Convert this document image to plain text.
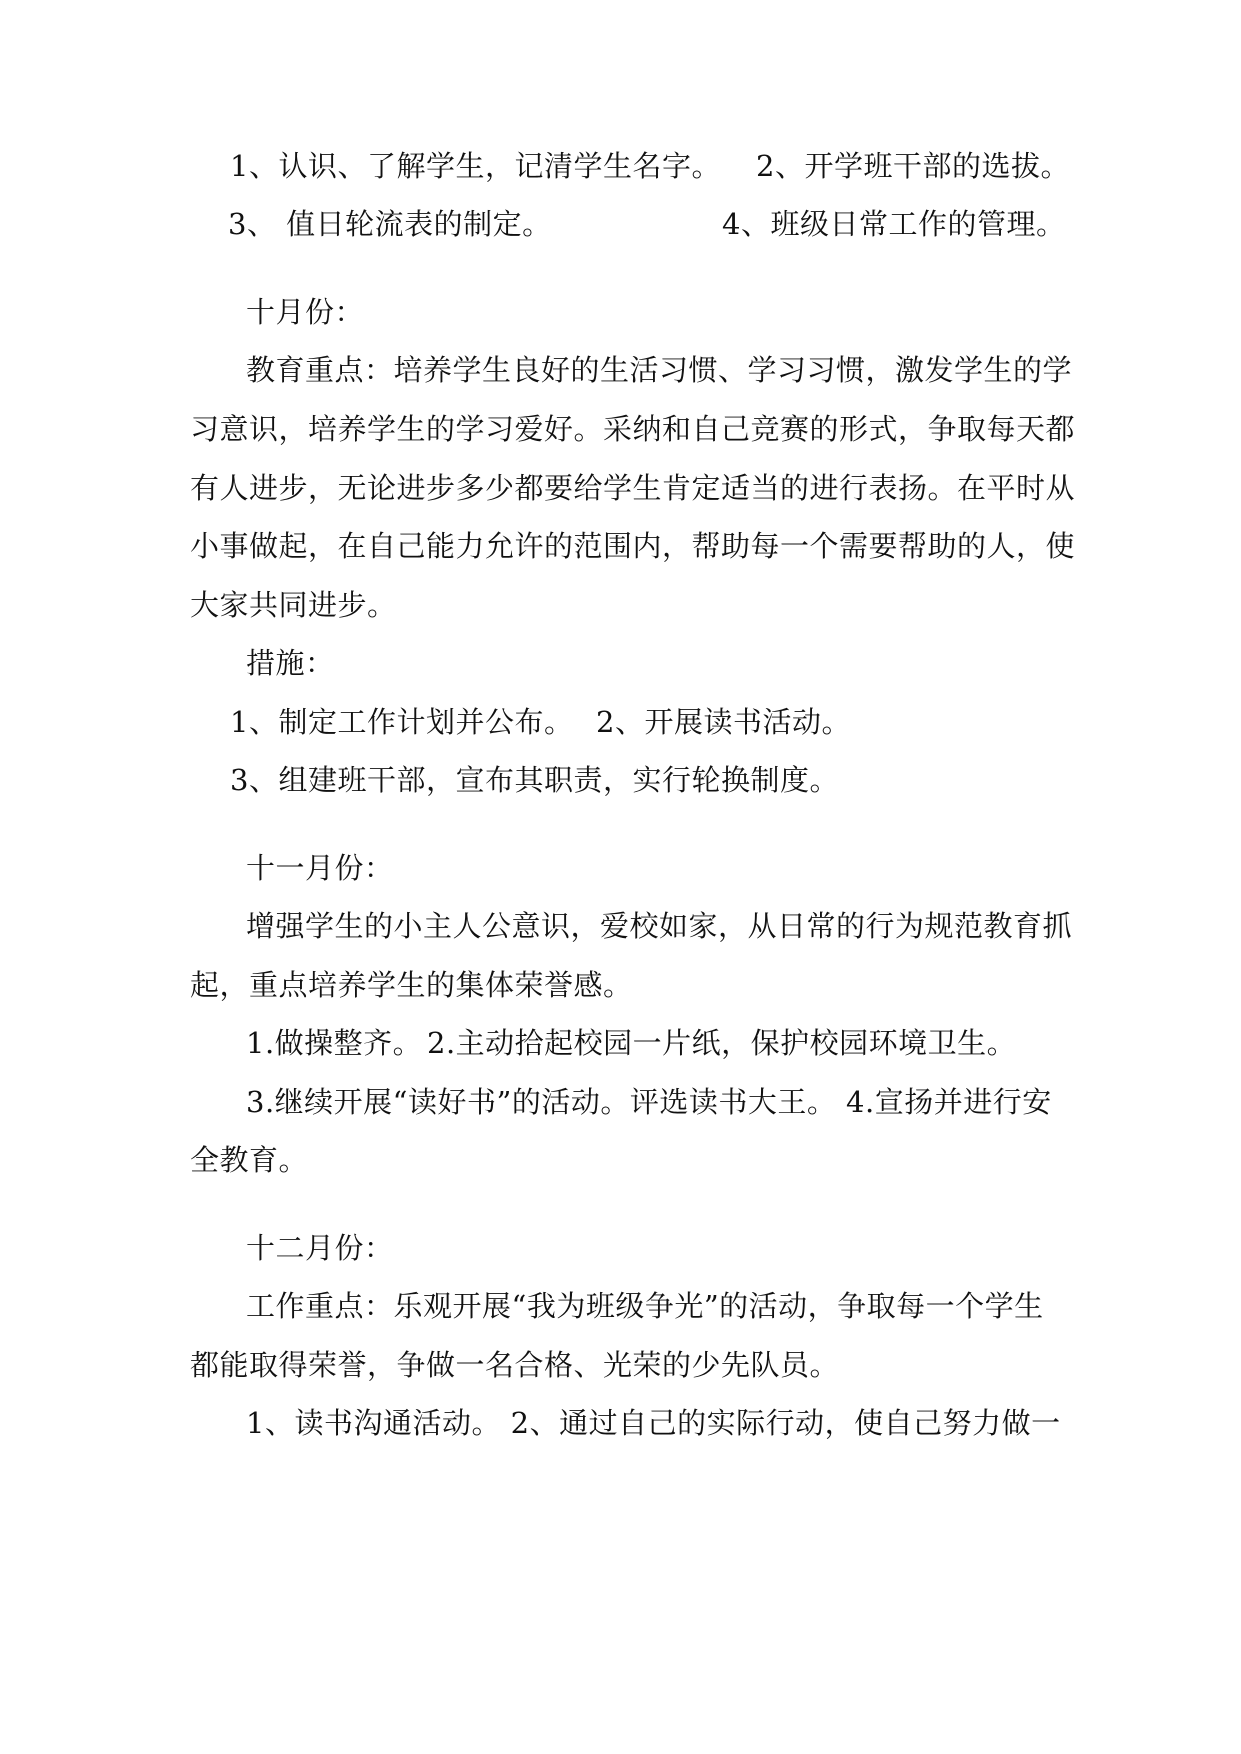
1、认识、了解学生，记清学生名字。 2、开学班干部的选拔。
3、 值日轮流表的制定。	4、班级日常工作的管理。
十月份：
教育重点：培养学生良好的生活习惯、学习习惯，激发学生的学
习意识，培养学生的学习爱好。采纳和自己竞赛的形式，争取每天都
有人进步，无论进步多少都要给学生肯定适当的进行表扬。在平时从
小事做起，在自己能力允许的范围内，帮助每一个需要帮助的人，使
大家共同进步。
措施：
1、制定工作计划并公布。 2、开展读书活动。
3、组建班干部，宣布其职责，实行轮换制度。
十一月份：
增强学生的小主人公意识，爱校如家，从日常的行为规范教育抓
起，重点培养学生的集体荣誉感。
1.做操整齐。 2.主动拾起校园一片纸，保护校园环境卫生。
3.继续开展“读好书”的活动。评选读书大王。 4.宣扬并进行安
全教育。
十二月份：
工作重点：乐观开展“我为班级争光”的活动，争取每一个学生
都能取得荣誉，争做一名合格、光荣的少先队员。
1、读书沟通活动。 2、通过自己的实际行动，使自己努力做一
